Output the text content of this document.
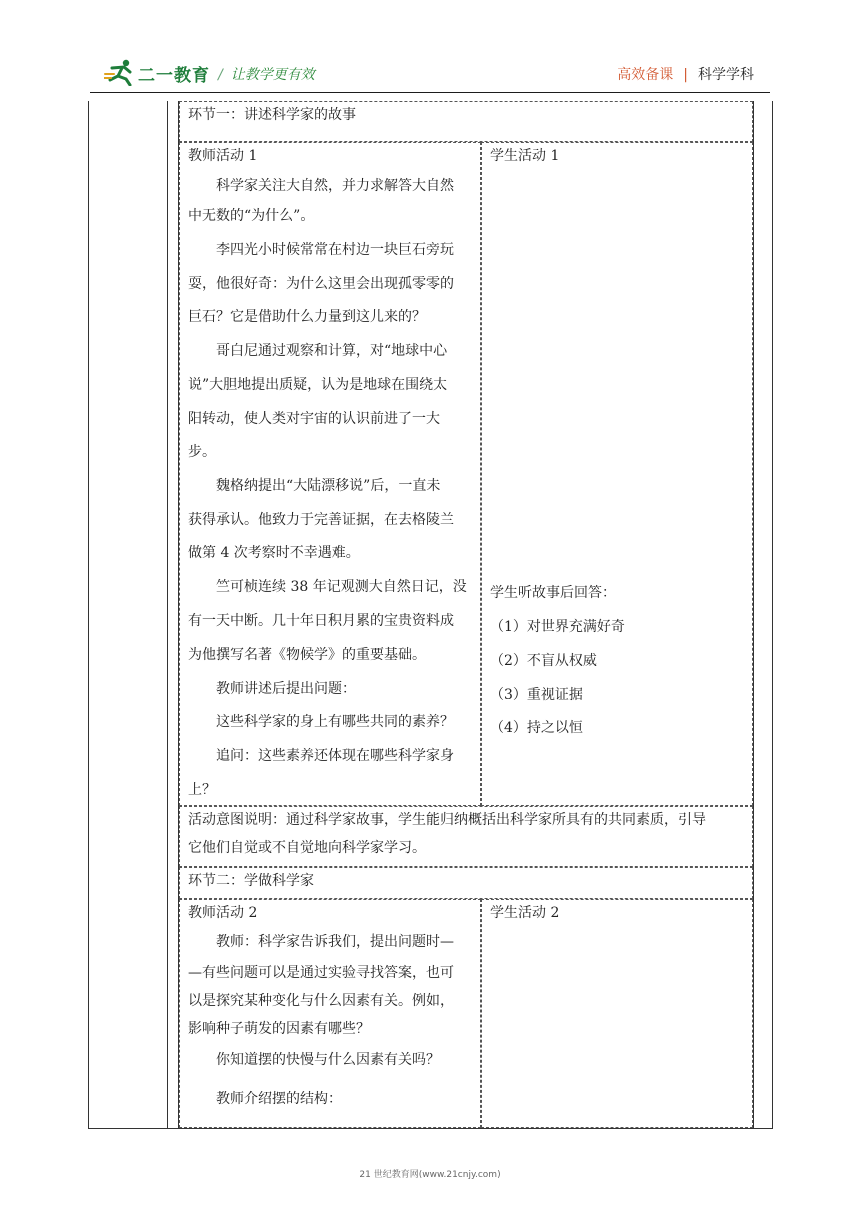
二一教育 / 让教学更有效	高效备课 | 科学学科
环节一：讲述科学家的故事
教师活动 1
　　科学家关注大自然，并力求解答大自然
中无数的“为什么”。
　　李四光小时候常常在村边一块巨石旁玩
耍，他很好奇：为什么这里会出现孤零零的
巨石？它是借助什么力量到这儿来的？
　　哥白尼通过观察和计算，对“地球中心
说”大胆地提出质疑，认为是地球在围绕太
阳转动，使人类对宇宙的认识前进了一大
步。
　　魏格纳提出“大陆漂移说”后，一直未
获得承认。他致力于完善证据，在去格陵兰
做第 4 次考察时不幸遇难。
　　竺可桢连续 38 年记观测大自然日记，没
有一天中断。几十年日积月累的宝贵资料成
为他撰写名著《物候学》的重要基础。
　　教师讲述后提出问题：
　　这些科学家的身上有哪些共同的素养？
　　追问：这些素养还体现在哪些科学家身
上？
学生活动 1
学生听故事后回答：
（1）对世界充满好奇
（2）不盲从权威
（3）重视证据
（4）持之以恒
活动意图说明：通过科学家故事，学生能归纳概括出科学家所具有的共同素质，引导
它他们自觉或不自觉地向科学家学习。
环节二：学做科学家
教师活动 2
　　教师：科学家告诉我们，提出问题时—
—有些问题可以是通过实验寻找答案，也可
以是探究某种变化与什么因素有关。例如，
影响种子萌发的因素有哪些？
　　你知道摆的快慢与什么因素有关吗？
　　教师介绍摆的结构：
学生活动 2
21 世纪教育网(www.21cnjy.com)
